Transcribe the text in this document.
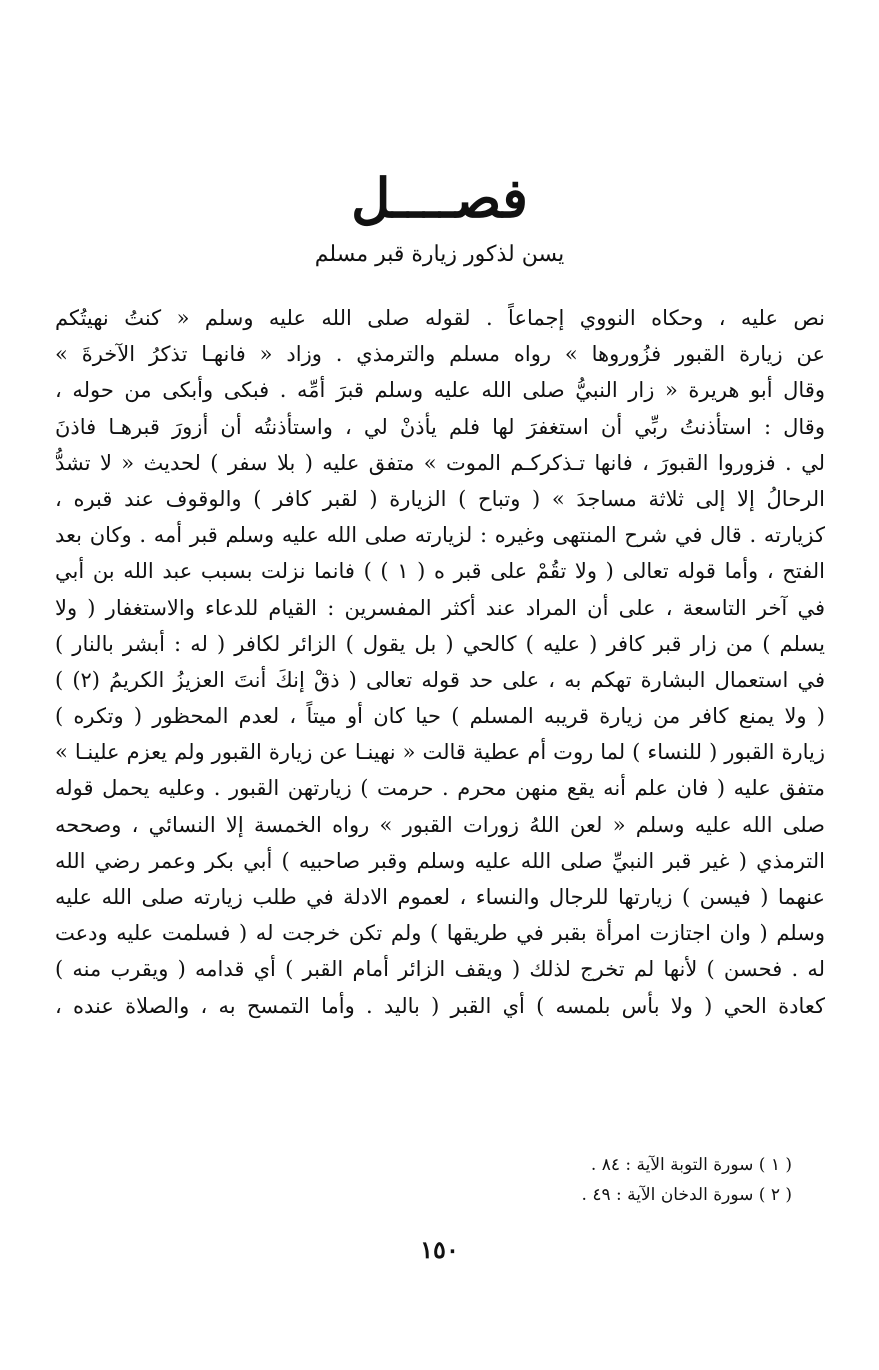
فصــــل
يسن لذكور زيارة قبر مسلم
نص عليه ، وحكاه النووي إجماعاً . لقوله صلى الله عليه وسلم « كنتُ نهيتُكم
عن زيارة القبور فزُوروها » رواه مسلم والترمذي . وزاد « فانهـا تذكرُ الآخرةَ »
وقال أبو هريرة « زار النبيُّ صلى الله عليه وسلم قبرَ أمِّه . فبكى وأبكى من حوله ،
وقال : استأذنتُ ربِّي أن استغفرَ لها فلم يأذنْ لي ، واستأذنتُه أن أزورَ قبرهـا فاذنَ
لي . فزوروا القبورَ ، فانها تـذكركـم الموت » متفق عليه ( بلا سفر ) لحديث « لا تشدُّ
الرحالُ إلا إلى ثلاثة مساجدَ » ( وتباح ) الزيارة ( لقبر كافر ) والوقوف عند قبره ،
كزيارته . قال في شرح المنتهى وغيره : لزيارته صلى الله عليه وسلم قبر أمه . وكان بعد
الفتح ، وأما قوله تعالى ( ولا تقُمْ على قبر ه ( ١ ) ) فانما نزلت بسبب عبد الله بن أبي
في آخر التاسعة ، على أن المراد عند أكثر المفسرين : القيام للدعاء والاستغفار ( ولا
يسلم ) من زار قبر كافر ( عليه ) كالحي ( بل يقول ) الزائر لكافر ( له : أبشر بالنار )
في استعمال البشارة تهكم به ، على حد قوله تعالى ( ذقْ إنكَ أنتَ العزيزُ الكريمُ (٢) )
( ولا يمنع كافر من زيارة قريبه المسلم ) حيا كان أو ميتاً ، لعدم المحظور ( وتكره )
زيارة القبور ( للنساء ) لما روت أم عطية قالت « نهينـا عن زيارة القبور ولم يعزم علينـا »
متفق عليه ( فان علم أنه يقع منهن محرم . حرمت ) زيارتهن القبور . وعليه يحمل قوله
صلى الله عليه وسلم « لعن اللهُ زورات القبور » رواه الخمسة إلا النسائي ، وصححه
الترمذي ( غير قبر النبيِّ صلى الله عليه وسلم وقبر صاحبيه ) أبي بكر وعمر رضي الله
عنهما ( فيسن ) زيارتها للرجال والنساء ، لعموم الادلة في طلب زيارته صلى الله عليه
وسلم ( وان اجتازت امرأة بقبر في طريقها ) ولم تكن خرجت له ( فسلمت عليه ودعت
له . فحسن ) لأنها لم تخرج لذلك ( ويقف الزائر أمام القبر ) أي قدامه ( ويقرب منه )
كعادة الحي ( ولا بأس بلمسه ) أي القبر ( باليد . وأما التمسح به ، والصلاة عنده ،
( ١ ) سورة التوبة الآية : ٨٤ .
( ٢ ) سورة الدخان الآية : ٤٩ .
١٥٠
